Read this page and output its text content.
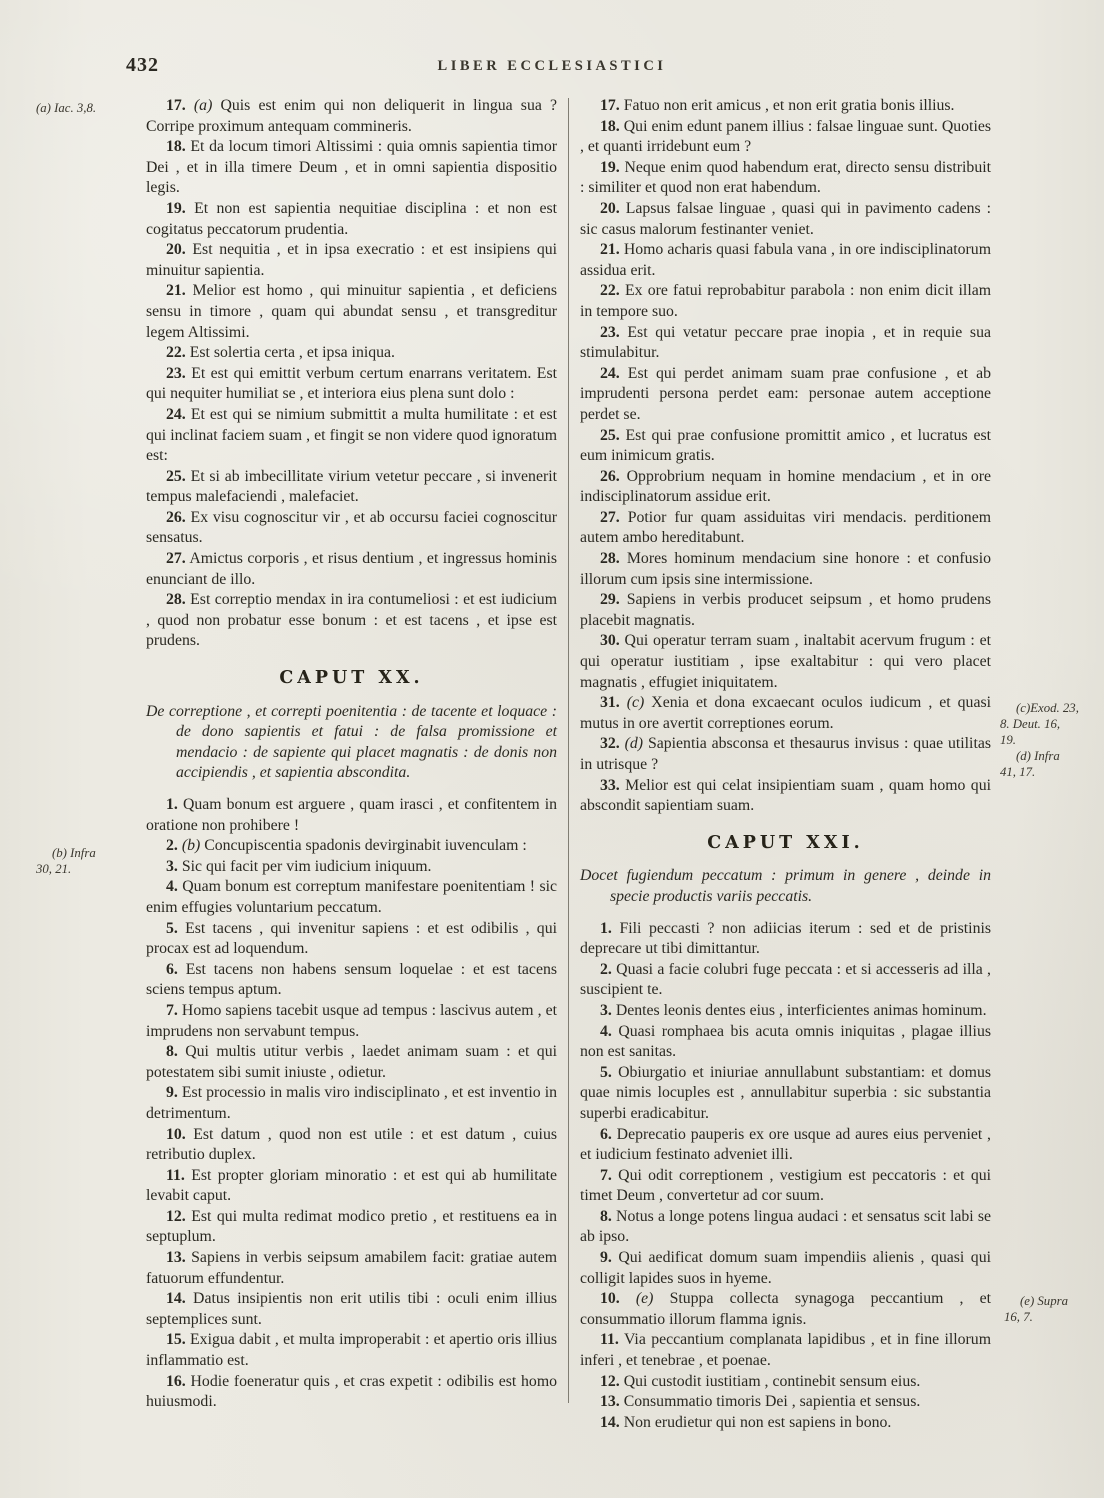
432	LIBER ECCLESIASTICI
(a) Iac. 3,8.
(b) Infra
30, 21.
(c)Exod. 23,
8. Deut. 16,
19.
(d) Infra
41, 17.
(e) Supra
16, 7.

17. (a) Quis est enim qui non deliquerit in lingua sua ? Corripe proximum antequam commineris.

18. Et da locum timori Altissimi : quia omnis sapientia timor Dei , et in illa timere Deum , et in omni sapientia dispositio legis.

19. Et non est sapientia nequitiae disciplina : et non est cogitatus peccatorum prudentia.

20. Est nequitia , et in ipsa execratio : et est insipiens qui minuitur sapientia.

21. Melior est homo , qui minuitur sapientia , et deficiens sensu in timore , quam qui abundat sensu , et transgreditur legem Altissimi.

22. Est solertia certa , et ipsa iniqua.

23. Et est qui emittit verbum certum enarrans veritatem. Est qui nequiter humiliat se , et interiora eius plena sunt dolo :

24. Et est qui se nimium submittit a multa humilitate : et est qui inclinat faciem suam , et fingit se non videre quod ignoratum est:

25. Et si ab imbecillitate virium vetetur peccare , si invenerit tempus malefaciendi , malefaciet.

26. Ex visu cognoscitur vir , et ab occursu faciei cognoscitur sensatus.

27. Amictus corporis , et risus dentium , et ingressus hominis enunciant de illo.

28. Est correptio mendax in ira contumeliosi : et est iudicium , quod non probatur esse bonum : et est tacens , et ipse est prudens.

CAPUT XX.

De correptione , et correpti poenitentia : de tacente et loquace : de dono sapientis et fatui : de falsa promissione et mendacio : de sapiente qui placet magnatis : de donis non accipiendis , et sapientia abscondita.

1. Quam bonum est arguere , quam irasci , et confitentem in oratione non prohibere !

2. (b) Concupiscentia spadonis devirginabit iuvenculam :

3. Sic qui facit per vim iudicium iniquum.

4. Quam bonum est correptum manifestare poenitentiam ! sic enim effugies voluntarium peccatum.

5. Est tacens , qui invenitur sapiens : et est odibilis , qui procax est ad loquendum.

6. Est tacens non habens sensum loquelae : et est tacens sciens tempus aptum.

7. Homo sapiens tacebit usque ad tempus : lascivus autem , et imprudens non servabunt tempus.

8. Qui multis utitur verbis , laedet animam suam : et qui potestatem sibi sumit iniuste , odietur.

9. Est processio in malis viro indisciplinato , et est inventio in detrimentum.

10. Est datum , quod non est utile : et est datum , cuius retributio duplex.

11. Est propter gloriam minoratio : et est qui ab humilitate levabit caput.

12. Est qui multa redimat modico pretio , et restituens ea in septuplum.

13. Sapiens in verbis seipsum amabilem facit: gratiae autem fatuorum effundentur.

14. Datus insipientis non erit utilis tibi : oculi enim illius septemplices sunt.

15. Exigua dabit , et multa improperabit : et apertio oris illius inflammatio est.

16. Hodie foeneratur quis , et cras expetit : odibilis est homo huiusmodi.

17. Fatuo non erit amicus , et non erit gratia bonis illius.

18. Qui enim edunt panem illius : falsae linguae sunt. Quoties , et quanti irridebunt eum ?

19. Neque enim quod habendum erat, directo sensu distribuit : similiter et quod non erat habendum.

20. Lapsus falsae linguae , quasi qui in pavimento cadens : sic casus malorum festinanter veniet.

21. Homo acharis quasi fabula vana , in ore indisciplinatorum assidua erit.

22. Ex ore fatui reprobabitur parabola : non enim dicit illam in tempore suo.

23. Est qui vetatur peccare prae inopia , et in requie sua stimulabitur.

24. Est qui perdet animam suam prae confusione , et ab imprudenti persona perdet eam: personae autem acceptione perdet se.

25. Est qui prae confusione promittit amico , et lucratus est eum inimicum gratis.

26. Opprobrium nequam in homine mendacium , et in ore indisciplinatorum assidue erit.

27. Potior fur quam assiduitas viri mendacis. perditionem autem ambo hereditabunt.

28. Mores hominum mendacium sine honore : et confusio illorum cum ipsis sine intermissione.

29. Sapiens in verbis producet seipsum , et homo prudens placebit magnatis.

30. Qui operatur terram suam , inaltabit acervum frugum : et qui operatur iustitiam , ipse exaltabitur : qui vero placet magnatis , effugiet iniquitatem.

31. (c) Xenia et dona excaecant oculos iudicum , et quasi mutus in ore avertit correptiones eorum.

32. (d) Sapientia absconsa et thesaurus invisus : quae utilitas in utrisque ?

33. Melior est qui celat insipientiam suam , quam homo qui abscondit sapientiam suam.

CAPUT XXI.

Docet fugiendum peccatum : primum in genere , deinde in specie productis variis peccatis.

1. Fili peccasti ? non adiicias iterum : sed et de pristinis deprecare ut tibi dimittantur.

2. Quasi a facie colubri fuge peccata : et si accesseris ad illa , suscipient te.

3. Dentes leonis dentes eius , interficientes animas hominum.

4. Quasi romphaea bis acuta omnis iniquitas , plagae illius non est sanitas.

5. Obiurgatio et iniuriae annullabunt substantiam: et domus quae nimis locuples est , annullabitur superbia : sic substantia superbi eradicabitur.

6. Deprecatio pauperis ex ore usque ad aures eius perveniet , et iudicium festinato adveniet illi.

7. Qui odit correptionem , vestigium est peccatoris : et qui timet Deum , convertetur ad cor suum.

8. Notus a longe potens lingua audaci : et sensatus scit labi se ab ipso.

9. Qui aedificat domum suam impendiis alienis , quasi qui colligit lapides suos in hyeme.

10. (e) Stuppa collecta synagoga peccantium , et consummatio illorum flamma ignis.

11. Via peccantium complanata lapidibus , et in fine illorum inferi , et tenebrae , et poenae.

12. Qui custodit iustitiam , continebit sensum eius.

13. Consummatio timoris Dei , sapientia et sensus.

14. Non erudietur qui non est sapiens in bono.
